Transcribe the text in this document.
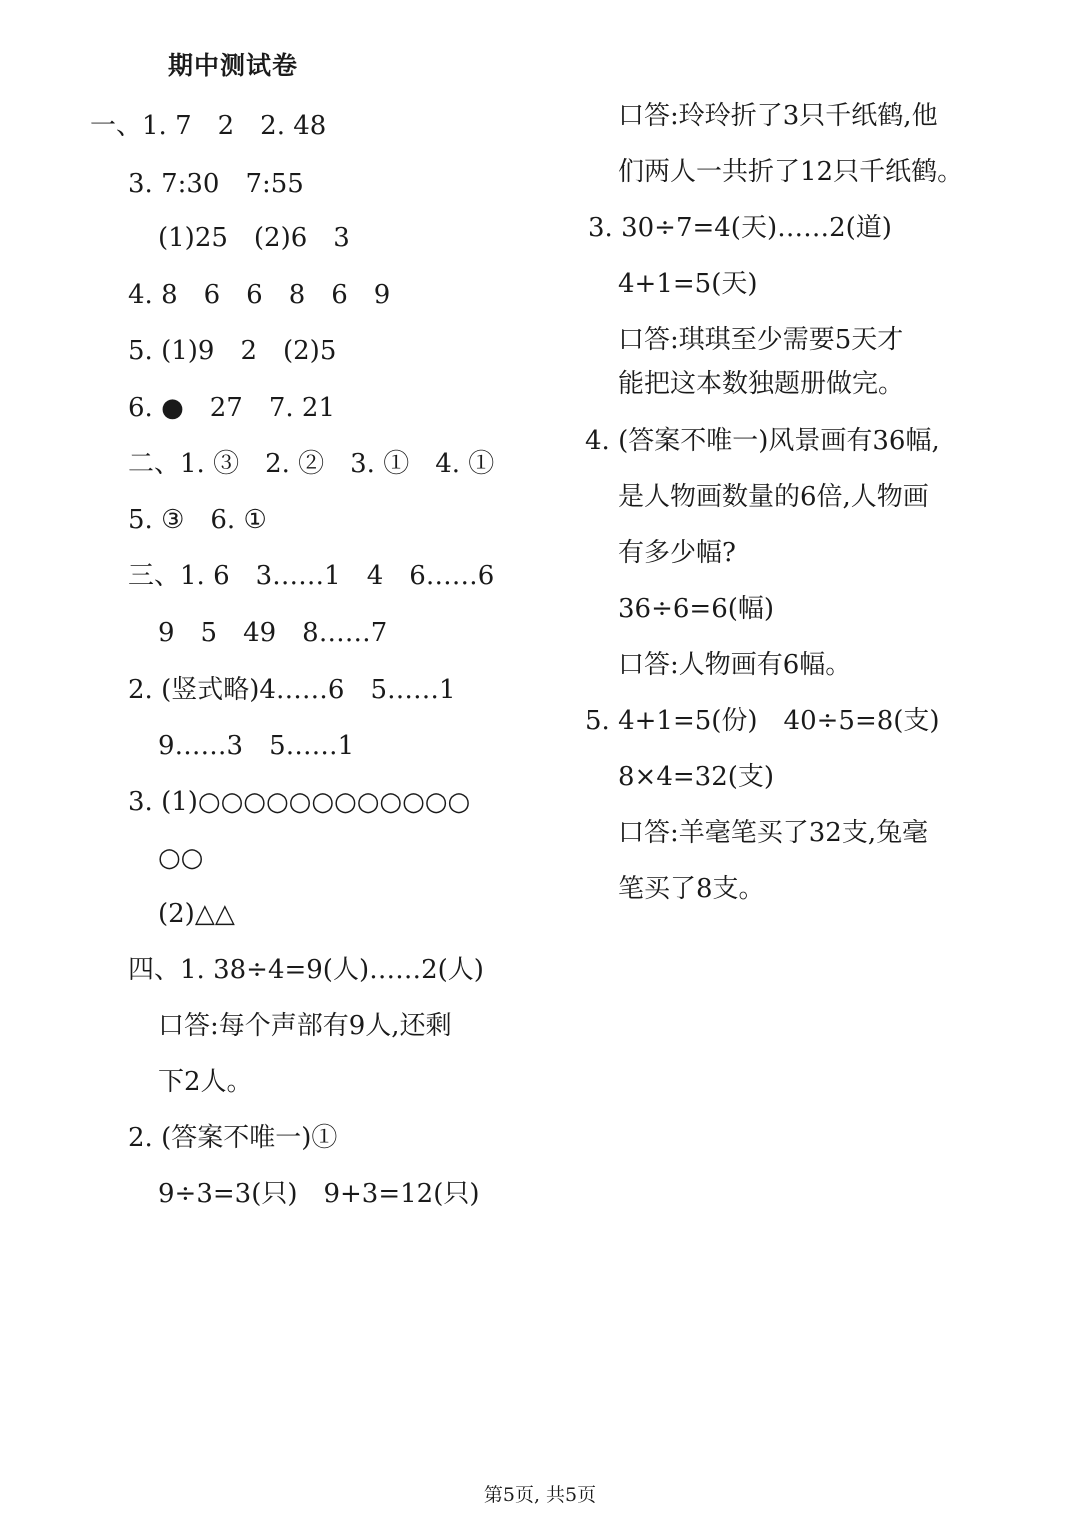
期中测试卷
一、1. 7　2　2. 48
3. 7:30　7:55
(1)25　(2)6　3
4. 8　6　6　8　6　9
5. (1)9　2　(2)5
6. ●　27　7. 21
二、1. ③　2. ②　3. ①　4. ①
5. ③　6. ①
三、1. 6　3……1　4　6……6
9　5　49　8……7
2. (竖式略)4……6　5……1
9……3　5……1
3. (1)○○○○○○○○○○○○
○○
(2)△△
四、1. 38÷4=9(人)……2(人)
口答:每个声部有9人,还剩
下2人。
2. (答案不唯一)①
9÷3=3(只)　9+3=12(只)
口答:玲玲折了3只千纸鹤,他
们两人一共折了12只千纸鹤。
3. 30÷7=4(天)……2(道)
4+1=5(天)
口答:琪琪至少需要5天才
能把这本数独题册做完。
4. (答案不唯一)风景画有36幅,
是人物画数量的6倍,人物画
有多少幅?
36÷6=6(幅)
口答:人物画有6幅。
5. 4+1=5(份)　40÷5=8(支)
8×4=32(支)
口答:羊毫笔买了32支,兔毫
笔买了8支。
第5页, 共5页
